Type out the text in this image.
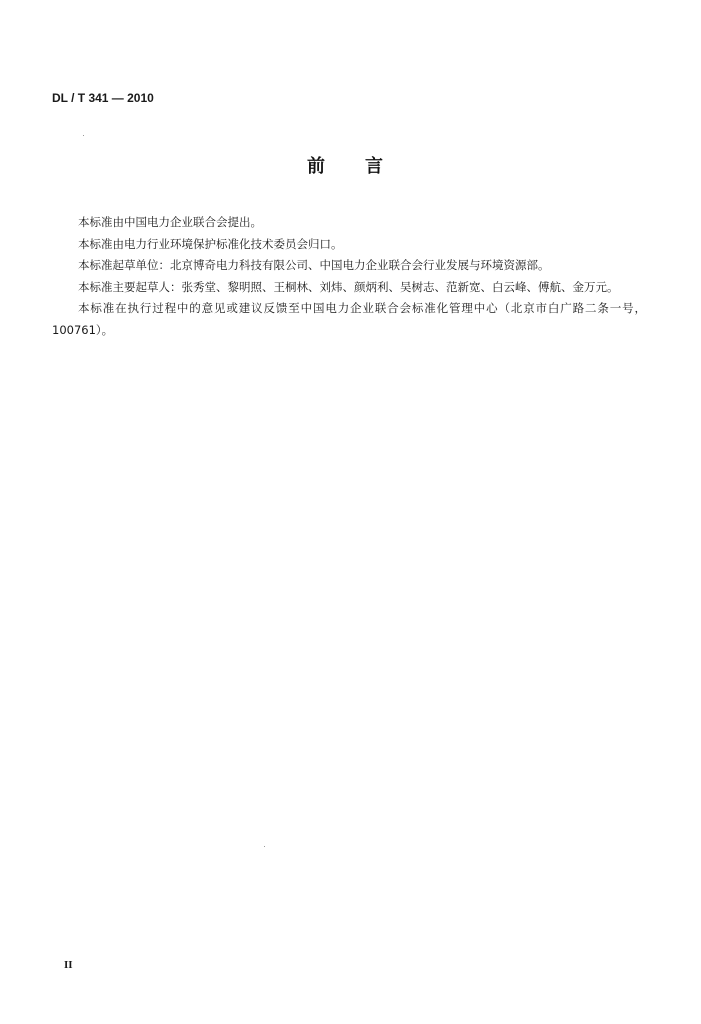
DL / T 341 — 2010
前 言

本标准由中国电力企业联合会提出。

本标准由电力行业环境保护标准化技术委员会归口。

本标准起草单位：北京博奇电力科技有限公司、中国电力企业联合会行业发展与环境资源部。

本标准主要起草人：张秀堂、黎明照、王桐林、刘炜、颜炳利、吴树志、范新宽、白云峰、傅航、金万元。

本标准在执行过程中的意见或建议反馈至中国电力企业联合会标准化管理中心（北京市白广路二条一号，100761）。

II
